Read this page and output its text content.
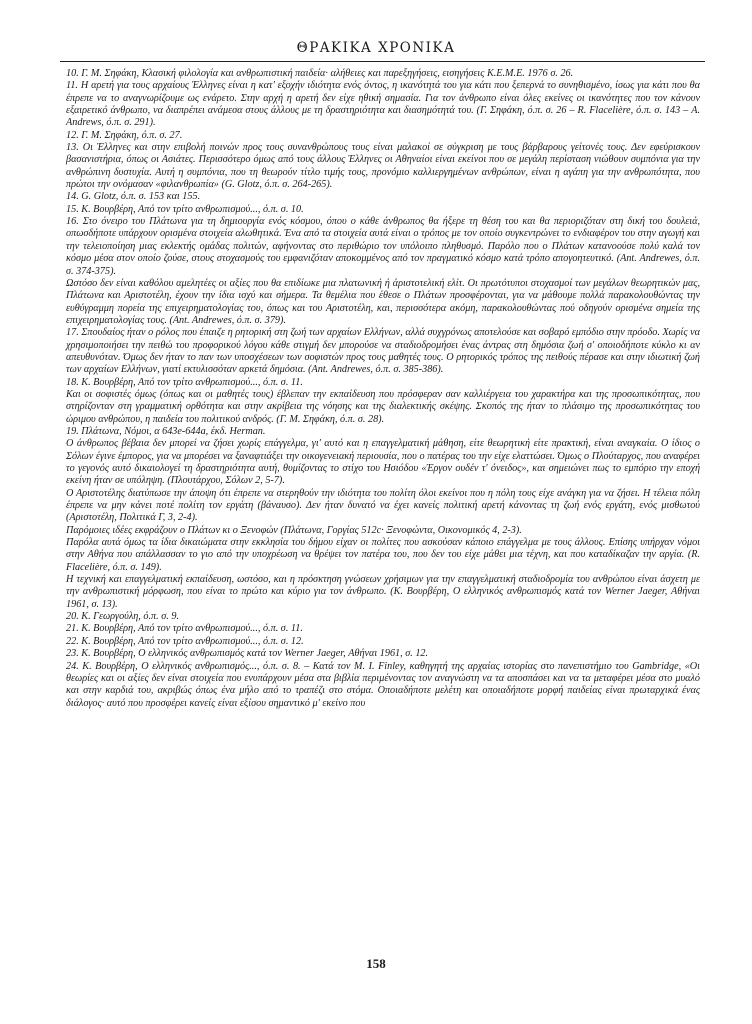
ΘΡΑΚΙΚΑ ΧΡΟΝΙΚΑ

10. Γ. Μ. Σηφάκη, Κλασική φιλολογία και ανθρωπιστική παιδεία· αλήθειες και παρεξηγήσεις, εισηγήσεις Κ.Ε.Μ.Ε. 1976 σ. 26.

11. Η αρετή για τους αρχαίους Έλληνες είναι η κατ' εξοχήν ιδιότητα ενός όντος, η ικανότητά του για κάτι που ξεπερνά το συνηθισμένο, ίσως για κάτι που θα έπρεπε να το αναγνωρίζουμε ως ενάρετο. Στην αρχή η αρετή δεν είχε ηθική σημασία. Για τον άνθρωπο είναι όλες εκείνες οι ικανότητες που τον κάνουν εξαιρετικό άνθρωπο, να διαπρέπει ανάμεσα στους άλλους με τη δραστηριότητα και διασημότητά του. (Γ. Σηφάκη, ό.π. σ. 26 – R. Flacelière, ό.π. σ. 143 – A. Andrews, ό.π. σ. 291).

12. Γ. Μ. Σηφάκη, ό.π. σ. 27.

13. Οι Έλληνες και στην επιβολή ποινών προς τους συνανθρώπους τους είναι μαλακοί σε σύγκριση με τους βάρβαρους γείτονές τους. Δεν εφεύρισκουν βασανιστήρια, όπως οι Ασιάτες. Περισσότερο όμως από τους άλλους Έλληνες οι Αθηναίοι είναι εκείνοι που σε μεγάλη περίσταση νιώθουν συμπόνια για την ανθρώπινη δυστυχία. Αυτή η συμπόνια, που τη θεωρούν τίτλο τιμής τους, προνόμιο καλλιεργημένων ανθρώπων, είναι η αγάπη για την ανθρωπότητα, που πρώτοι την ονόμασαν «φιλανθρωπία» (G. Glotz, ό.π. σ. 264-265).

14. G. Glotz, ό.π. σ. 153 και 155.

15. Κ. Βουρβέρη, Από τον τρίτο ανθρωπισμού..., ό.π. σ. 10.

16. Στο όνειρο του Πλάτωνα για τη δημιουργία ενός κόσμου, όπου ο κάθε άνθρωπος θα ήξερε τη θέση του και θα περιοριζόταν στη δική του δουλειά, οπωσδήποτε υπάρχουν ορισμένα στοιχεία αλωθητικά. Ένα από τα στοιχεία αυτά είναι ο τρόπος με τον οποίο συγκεντρώνει το ενδιαφέρον του στην αγωγή και την τελειοποίηση μιας εκλεκτής ομάδας πολιτών, αφήνοντας στο περιθώριο τον υπόλοιπο πληθυσμό. Παρόλο που ο Πλάτων κατανοούσε πολύ καλά τον κόσμο μέσα στον οποίο ζούσε, στους στοχασμούς του εμφανιζόταν αποκομμένος από τον πραγματικό κόσμο κατά τρόπο απογοητευτικό. (Ant. Andrewes, ό.π. σ. 374-375).

Ωστόσο δεν είναι καθόλου αμελητέες οι αξίες που θα επιδίωκε μια πλατωνική ή άριστοτελική ελίτ. Οι πρωτότυποι στοχασμοί των μεγάλων θεωρητικών μας, Πλάτωνα και Αριστοτέλη, έχουν την ίδια ισχύ και σήμερα. Τα θεμέλια που έθεσε ο Πλάτων προσφέρονται, για να μάθουμε πολλά παρακολουθώντας την ευθύγραμμη πορεία της επιχειρηματολογίας του, όπως και του Αριστοτέλη, και, περισσότερα ακόμη, παρακολουθώντας πού οδηγούν ορισμένα σημεία της επιχειρηματολογίας τους. (Ant. Andrewes, ό.π. σ. 379).

17. Σπουδαίος ήταν ο ρόλος που έπαιζε η ρητορική στη ζωή των αρχαίων Ελλήνων, αλλά συχγρόνως αποτελούσε και σοβαρό εμπόδιο στην πρόοδο. Χωρίς να χρησιμοποιήσει την πειθώ του προφορικού λόγου κάθε στιγμή δεν μπορούσε να σταδιοδρομήσει ένας άντρας στη δημόσια ζωή σ' οποιοδήποτε κύκλο κι αν απευθυνόταν. Όμως δεν ήταν το παν των υποσχέσεων των σοφιστών προς τους μαθητές τους. Ο ρητορικός τρόπος της πειθούς πέρασε και στην ιδιωτική ζωή των αρχαίων Ελλήνων, γιατί εκτυλισσόταν αρκετά δημόσια. (Ant. Andrewes, ό.π. σ. 385-386).

18. Κ. Βουρβέρη, Από τον τρίτο ανθρωπισμού..., ό.π. σ. 11.

Και οι σοφιστές όμως (όπως και οι μαθητές τους) έβλεπαν την εκπαίδευση που πρόσφεραν σαν καλλιέργεια του χαρακτήρα και της προσωπικότητας, που στηρίζονταν στη γραμματική ορθότητα και στην ακρίβεια της νόησης και της διαλεκτικής σκέψης. Σκοπός της ήταν το πλάσιμο της προσωπικότητας του ώριμου ανθρώπου, η παιδεία του πολιτικού ανδρός. (Γ. Μ. Σηφάκη, ό.π. σ. 28).

19. Πλάτωνα, Νόμοι, α 643e-644a, έκδ. Herman.

Ο άνθρωπος βέβαια δεν μπορεί να ζήσει χωρίς επάγγελμα, γι' αυτό και η επαγγελματική μάθηση, είτε θεωρητική είτε πρακτική, είναι αναγκαία. Ο ίδιος ο Σόλων έγινε έμπορος, για να μπορέσει να ξαναφτιάξει την οικογενειακή περιουσία, που ο πατέρας του την είχε ελαττώσει. Όμως ο Πλούταρχος, που αναφέρει το γεγονός αυτό δικαιολογεί τη δραστηριότητα αυτή, θυμίζοντας το στίχο του Ησιόδου «Έργον ουδέν τ' όνειδος», και σημειώνει πως το εμπόριο την εποχή εκείνη ήταν σε υπόληψη. (Πλουτάρχου, Σόλων 2, 5-7).

Ο Αριστοτέλης διατύπωσε την άποψη ότι έπρεπε να στερηθούν την ιδιότητα του πολίτη όλοι εκείνοι που η πόλη τους είχε ανάγκη για να ζήσει. Η τέλεια πόλη έπρεπε να μην κάνει ποτέ πολίτη τον εργάτη (βάναυσο). Δεν ήταν δυνατό να έχει κανείς πολιτική αρετή κάνοντας τη ζωή ενός εργάτη, ενός μισθωτού (Αριστοτέλη, Πολιτικά Γ, 3, 2-4).

Παρόμοιες ιδέες εκφράζουν ο Πλάτων κι ο Ξενοφών (Πλάτωνα, Γοργίας 512c· Ξενοφώντα, Οικονομικός 4, 2-3).

Παρόλα αυτά όμως τα ίδια δικαιώματα στην εκκλησία του δήμου είχαν οι πολίτες που ασκούσαν κάποιο επάγγελμα με τους άλλους. Επίσης υπήρχαν νόμοι στην Αθήνα που απάλλασσαν το γιο από την υποχρέωση να θρέψει τον πατέρα του, που δεν του είχε μάθει μια τέχνη, και που καταδίκαζαν την αργία. (R. Flacelière, ό.π. σ. 149).

Η τεχνική και επαγγελματική εκπαίδευση, ωστόσο, και η πρόσκτηση γνώσεων χρήσιμων για την επαγγελματική σταδιοδρομία του ανθρώπου είναι άσχετη με την ανθρωπιστική μόρφωση, που είναι το πρώτο και κύριο για τον άνθρωπο. (Κ. Βουρβέρη, Ο ελληνικός ανθρωπισμός κατά τον Werner Jaeger, Αθήναι 1961, σ. 13).

20. Κ. Γεωργούλη, ό.π. σ. 9.

21. Κ. Βουρβέρη, Από τον τρίτο ανθρωπισμού..., ό.π. σ. 11.

22. Κ. Βουρβέρη, Από τον τρίτο ανθρωπισμού..., ό.π. σ. 12.

23. Κ. Βουρβέρη, Ο ελληνικός ανθρωπισμός κατά τον Werner Jaeger, Αθήναι 1961, σ. 12.

24. Κ. Βουρβέρη, Ο ελληνικός ανθρωπισμός..., ό.π. σ. 8. – Κατά τον M. I. Finley, καθηγητή της αρχαίας ιστορίας στο πανεπιστήμιο του Gambridge, «Οι θεωρίες και οι αξίες δεν είναι στοιχεία που ενυπάρχουν μέσα στα βιβλία περιμένοντας τον αναγνώστη να τα αποσπάσει και να τα μεταφέρει μέσα στο μυαλό και στην καρδιά του, ακριβώς όπως ένα μήλο από το τραπέζι στο στόμα. Οποιαδήποτε μελέτη και οποιαδήποτε μορφή παιδείας είναι πρωταρχικά ένας διάλογος· αυτό που προσφέρει κανείς είναι εξίσου σημαντικό μ' εκείνο που

158
